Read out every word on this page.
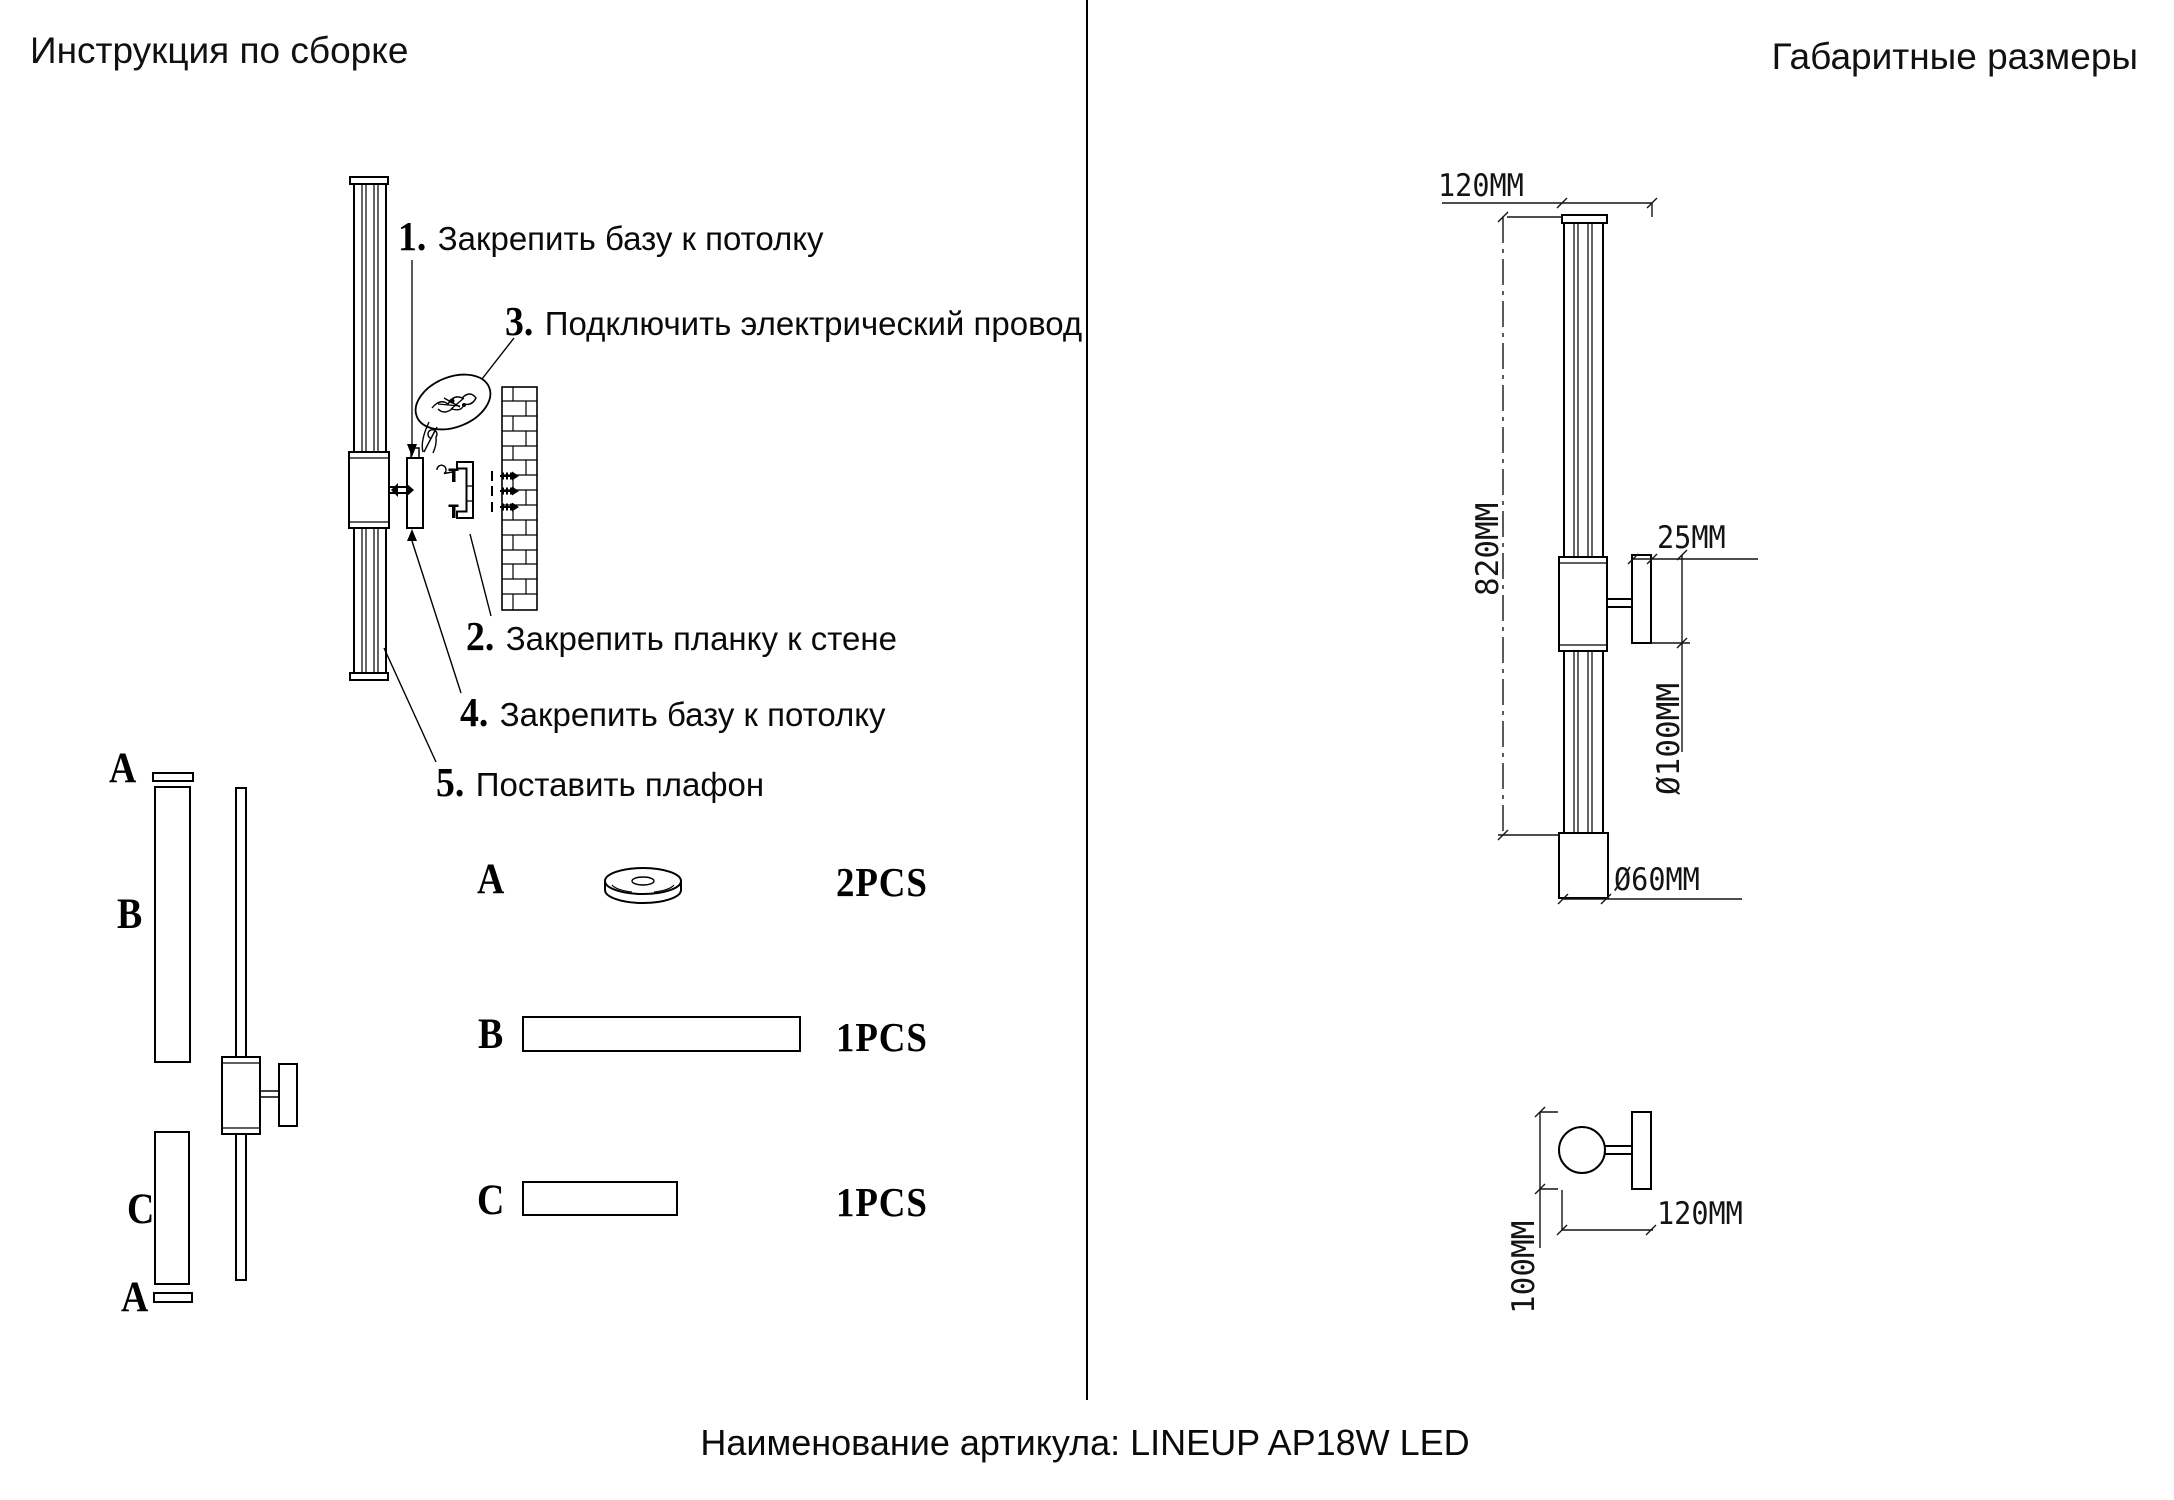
Инструкция по сборке	Габаритные размеры
1. Закрепить базу к потолку
3. Подключить электрический провод
2. Закрепить планку к стене
4. Закрепить базу к потолку
5. Поставить плафон
A
B
C
A
A	2PCS
B	1PCS
C	1PCS
120MM
820MM	25MM
Ø100MM
Ø60MM
100MM
120MM
Наименование артикула: LINEUP AP18W LED
